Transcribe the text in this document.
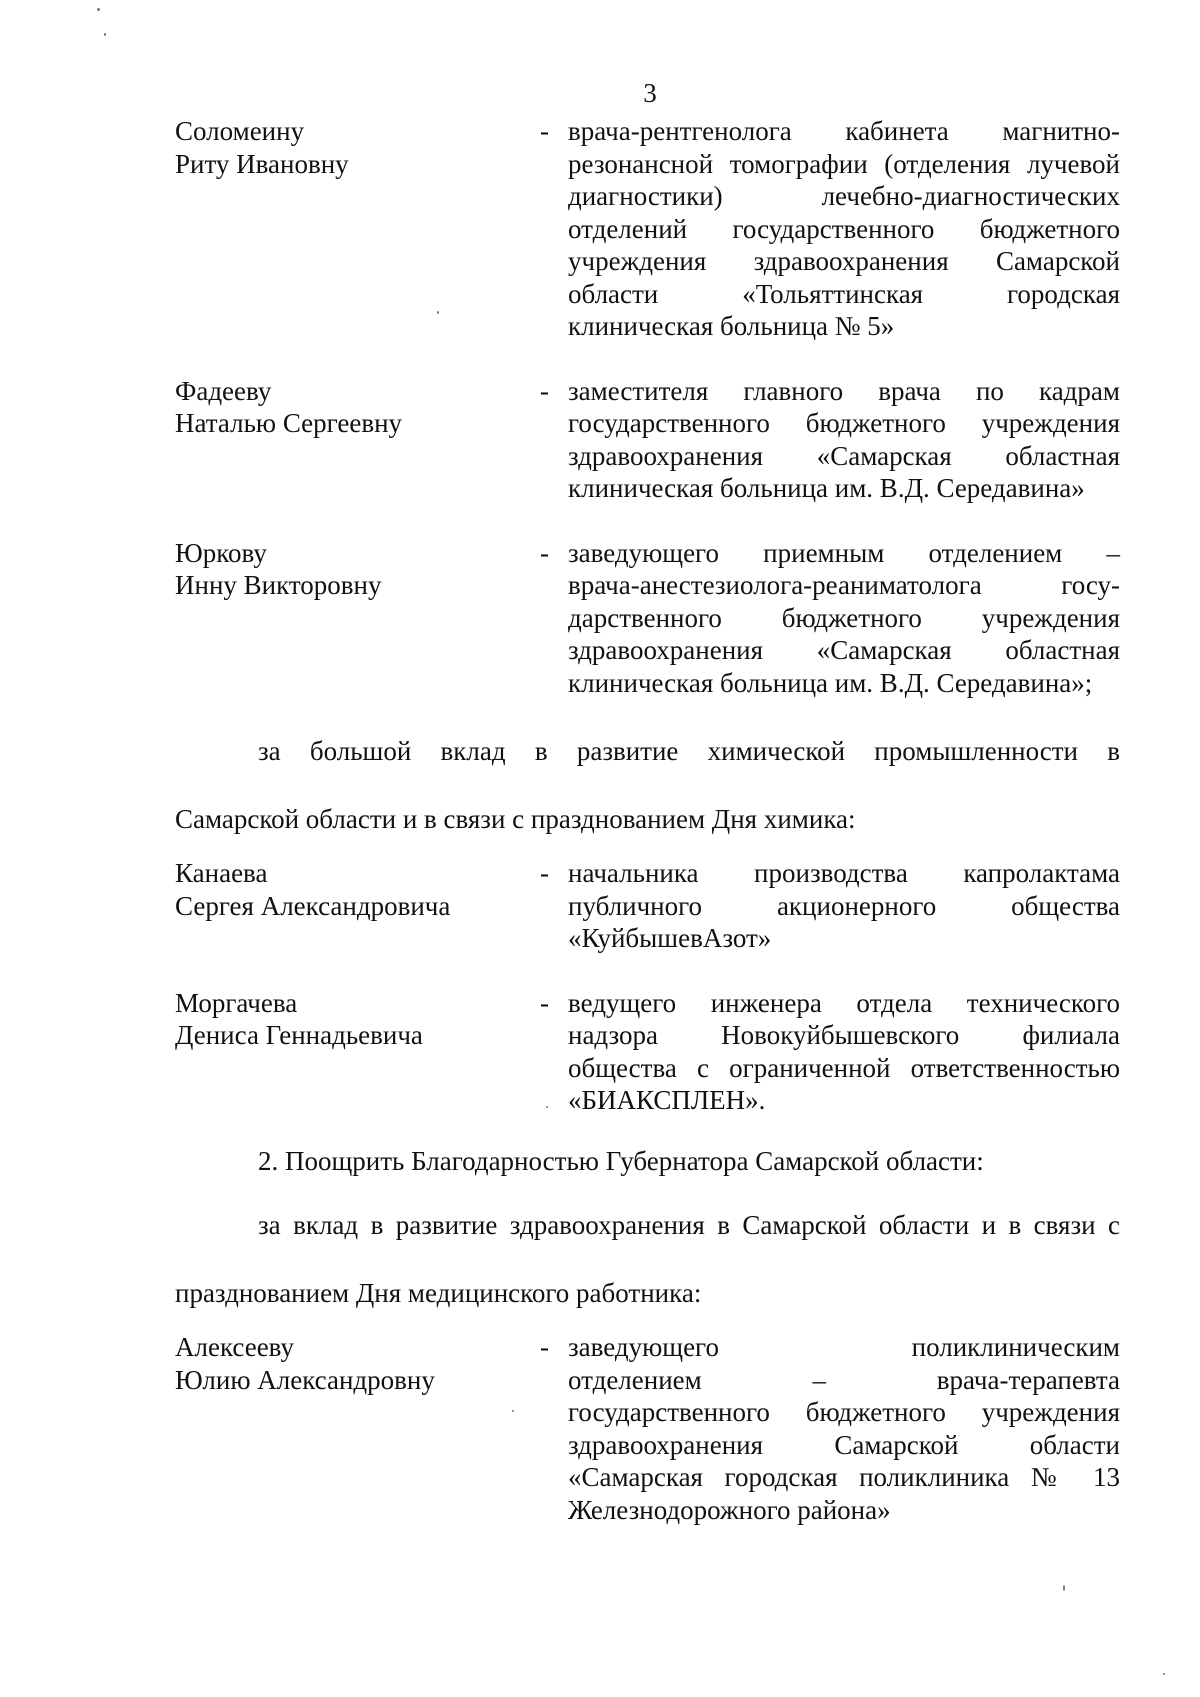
3
Соломеину
Риту Ивановну
- врача-рентгенолога кабинета магнитно-
резонансной томографии (отделения лучевой
диагностики) лечебно-диагностических
отделений государственного бюджетного
учреждения здравоохранения Самарской
области «Тольяттинская городская
клиническая больница № 5»
Фадееву
Наталью Сергеевну
- заместителя главного врача по кадрам
государственного бюджетного учреждения
здравоохранения «Самарская областная
клиническая больница им. В.Д. Середавина»
Юркову
Инну Викторовну
- заведующего приемным отделением –
врача-анестезиолога-реаниматолога госу-
дарственного бюджетного учреждения
здравоохранения «Самарская областная
клиническая больница им. В.Д. Середавина»;
за большой вклад в развитие химической промышленности в
Самарской области и в связи с празднованием Дня химика:
Канаева
Сергея Александровича
- начальника производства капролактама
публичного акционерного общества
«КуйбышевАзот»
Моргачева
Дениса Геннадьевича
- ведущего инженера отдела технического
надзора Новокуйбышевского филиала
общества с ограниченной ответственностью
«БИАКСПЛЕН».
2. Поощрить Благодарностью Губернатора Самарской области:
за вклад в развитие здравоохранения в Самарской области и в связи с
празднованием Дня медицинского работника:
Алексееву
Юлию Александровну
- заведующего поликлиническим
отделением – врача-терапевта
государственного бюджетного учреждения
здравоохранения Самарской области
«Самарская городская поликлиника № 13
Железнодорожного района»
